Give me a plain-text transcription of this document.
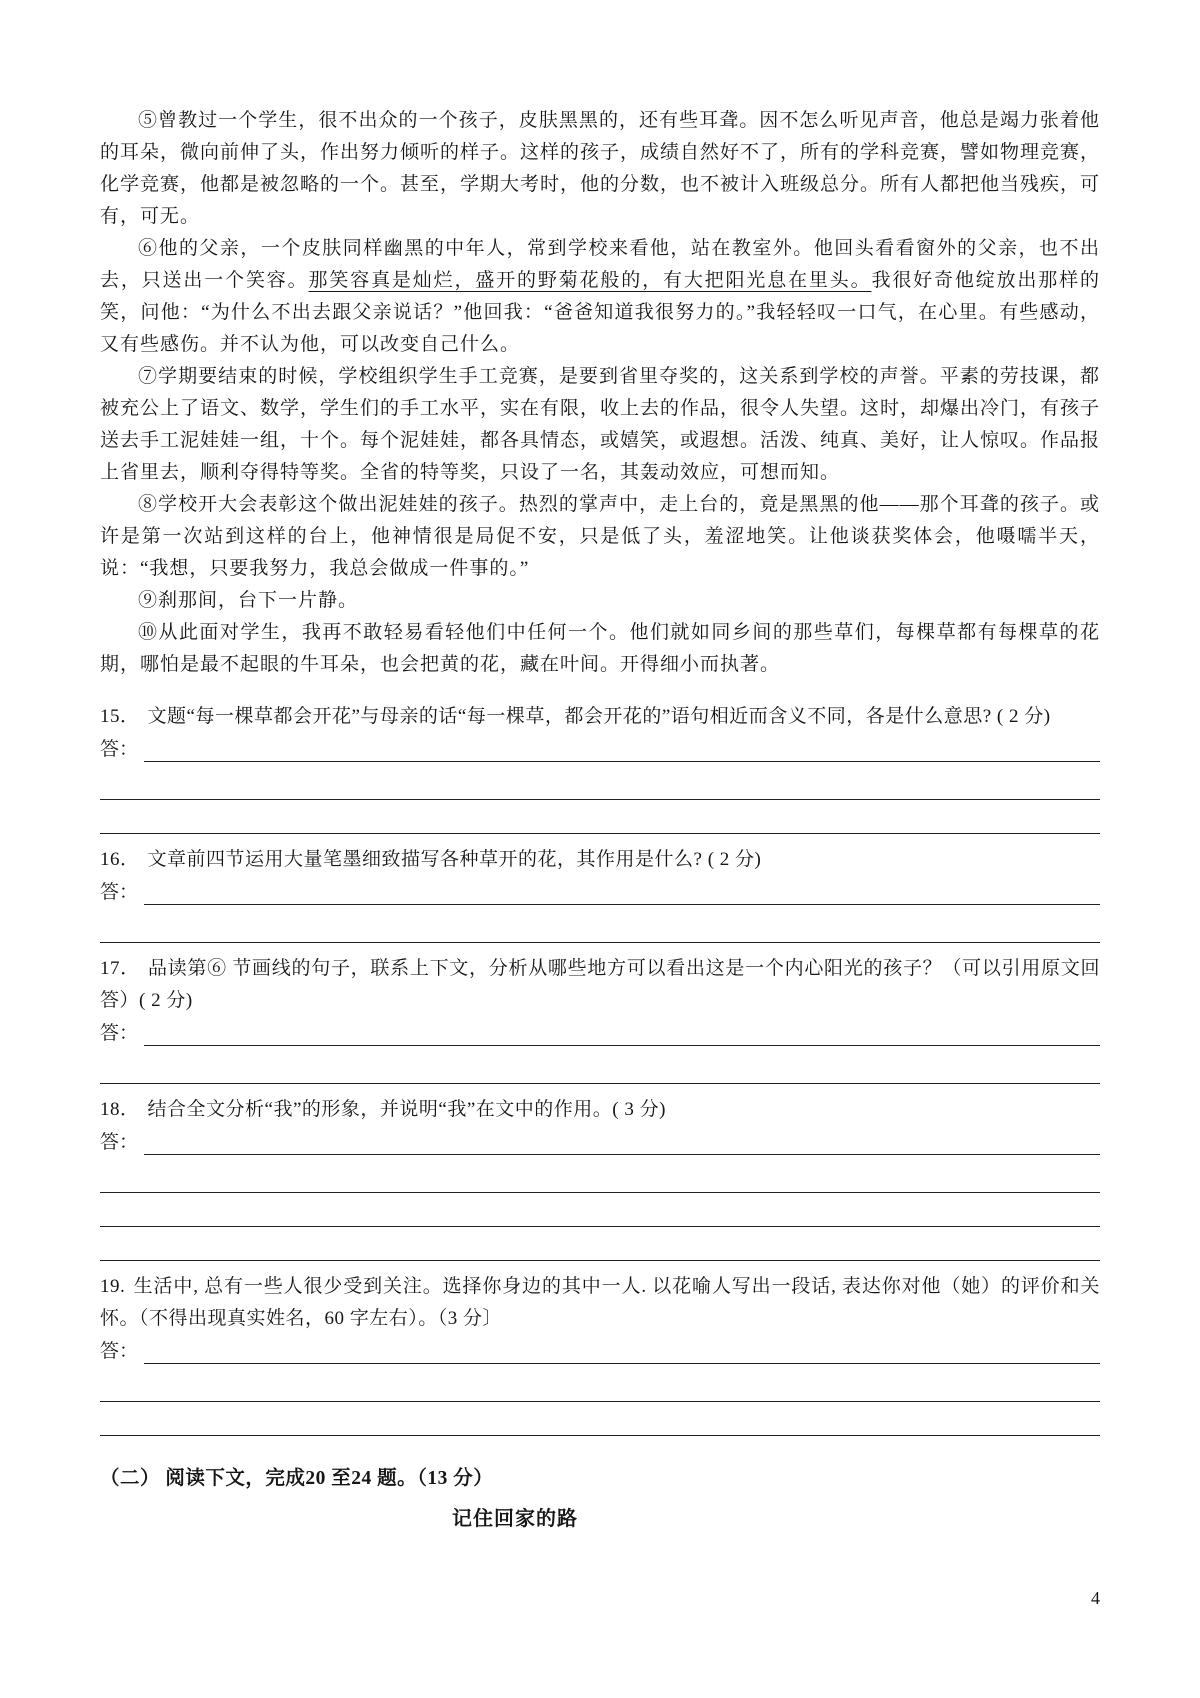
⑤曾教过一个学生，很不出众的一个孩子，皮肤黑黑的，还有些耳聋。因不怎么听见声音，他总是竭力张着他的耳朵，微向前伸了头，作出努力倾听的样子。这样的孩子，成绩自然好不了，所有的学科竞赛，譬如物理竞赛，化学竞赛，他都是被忽略的一个。甚至，学期大考时，他的分数，也不被计入班级总分。所有人都把他当残疾，可有，可无。

⑥他的父亲，一个皮肤同样幽黑的中年人，常到学校来看他，站在教室外。他回头看看窗外的父亲，也不出去，只送出一个笑容。那笑容真是灿烂，盛开的野菊花般的，有大把阳光息在里头。我很好奇他绽放出那样的笑，问他：“为什么不出去跟父亲说话？”他回我：“爸爸知道我很努力的。”我轻轻叹一口气，在心里。有些感动，又有些感伤。并不认为他，可以改变自己什么。

⑦学期要结束的时候，学校组织学生手工竞赛，是要到省里夺奖的，这关系到学校的声誉。平素的劳技课，都被充公上了语文、数学，学生们的手工水平，实在有限，收上去的作品，很令人失望。这时，却爆出冷门，有孩子送去手工泥娃娃一组，十个。每个泥娃娃，都各具情态，或嬉笑，或遐想。活泼、纯真、美好，让人惊叹。作品报上省里去，顺利夺得特等奖。全省的特等奖，只设了一名，其轰动效应，可想而知。

⑧学校开大会表彰这个做出泥娃娃的孩子。热烈的掌声中，走上台的，竟是黑黑的他——那个耳聋的孩子。或许是第一次站到这样的台上，他神情很是局促不安，只是低了头，羞涩地笑。让他谈获奖体会，他嗫嚅半天，说：“我想，只要我努力，我总会做成一件事的。”

⑨刹那间，台下一片静。

⑩从此面对学生，我再不敢轻易看轻他们中任何一个。他们就如同乡间的那些草们，每棵草都有每棵草的花期，哪怕是最不起眼的牛耳朵，也会把黄的花，藏在叶间。开得细小而执著。

15． 文题“每一棵草都会开花”与母亲的话“每一棵草，都会开花的”语句相近而含义不同，各是什么意思? ( 2 分)

答：

16． 文章前四节运用大量笔墨细致描写各种草开的花，其作用是什么? ( 2 分)

答：

17． 品读第⑥ 节画线的句子，联系上下文，分析从哪些地方可以看出这是一个内心阳光的孩子？（可以引用原文回答）( 2 分)

答：

18． 结合全文分析“我”的形象，并说明“我”在文中的作用。( 3 分)

答：

19. 生活中, 总有一些人很少受到关注。选择你身边的其中一人. 以花喻人写出一段话, 表达你对他（她）的评价和关怀。（不得出现真实姓名，60 字左右）。（3 分〕

答：

（二） 阅读下文，完成20 至24 题。（13 分）

记住回家的路

4
